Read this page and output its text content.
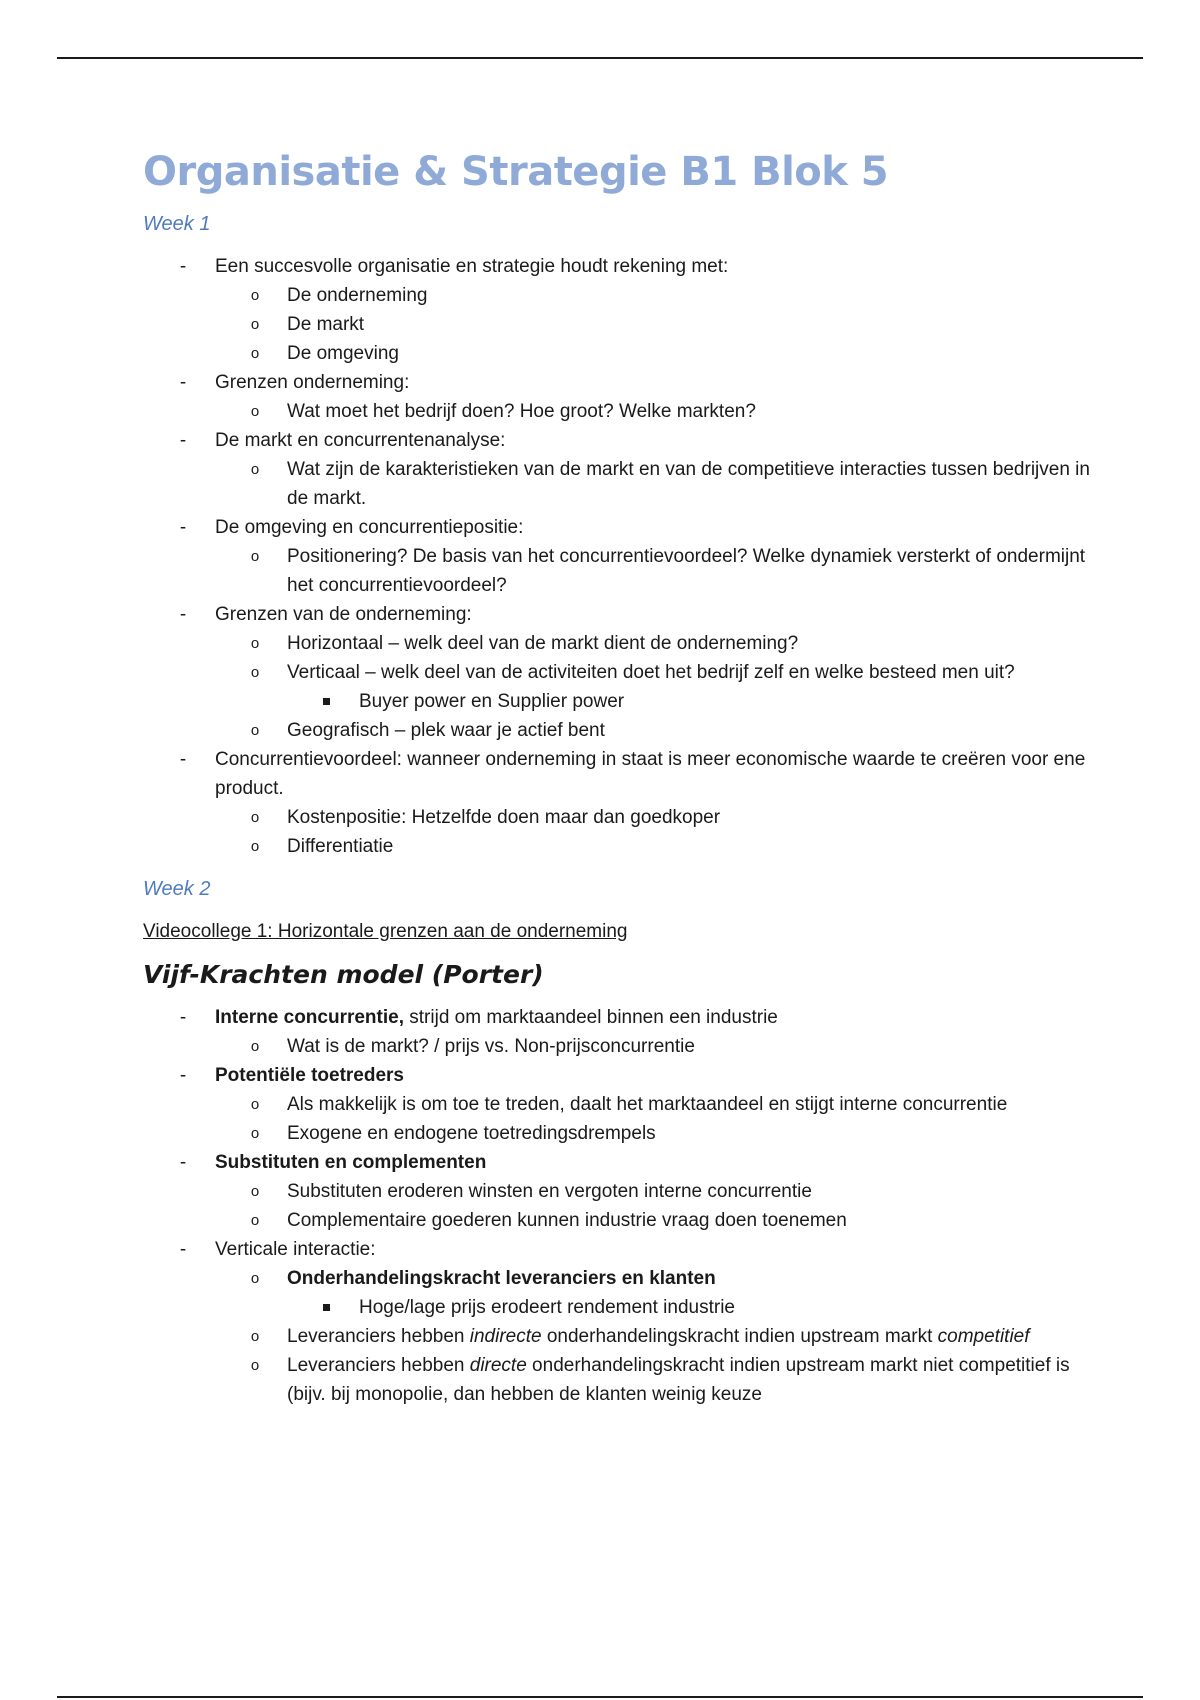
Organisatie & Strategie B1 Blok 5

Week 1

- Een succesvolle organisatie en strategie houdt rekening met:
o De onderneming
o De markt
o De omgeving
- Grenzen onderneming:
o Wat moet het bedrijf doen? Hoe groot? Welke markten?
- De markt en concurrentenanalyse:
o Wat zijn de karakteristieken van de markt en van de competitieve interacties tussen bedrijven in de markt.
- De omgeving en concurrentiepositie:
o Positionering? De basis van het concurrentievoordeel? Welke dynamiek versterkt of ondermijnt het concurrentievoordeel?
- Grenzen van de onderneming:
o Horizontaal – welk deel van de markt dient de onderneming?
o Verticaal – welk deel van de activiteiten doet het bedrijf zelf en welke besteed men uit?
Buyer power en Supplier power
o Geografisch – plek waar je actief bent
- Concurrentievoordeel: wanneer onderneming in staat is meer economische waarde te creëren voor ene product.
o Kostenpositie: Hetzelfde doen maar dan goedkoper
o Differentiatie

Week 2

Videocollege 1: Horizontale grenzen aan de onderneming

Vijf-Krachten model (Porter)
- Interne concurrentie, strijd om marktaandeel binnen een industrie
o Wat is de markt? / prijs vs. Non-prijsconcurrentie
- Potentiële toetreders
o Als makkelijk is om toe te treden, daalt het marktaandeel en stijgt interne concurrentie
o Exogene en endogene toetredingsdrempels
- Substituten en complementen
o Substituten eroderen winsten en vergoten interne concurrentie
o Complementaire goederen kunnen industrie vraag doen toenemen
- Verticale interactie:
o Onderhandelingskracht leveranciers en klanten
Hoge/lage prijs erodeert rendement industrie
o Leveranciers hebben indirecte onderhandelingskracht indien upstream markt competitief
o Leveranciers hebben directe onderhandelingskracht indien upstream markt niet competitief is (bijv. bij monopolie, dan hebben de klanten weinig keuze
